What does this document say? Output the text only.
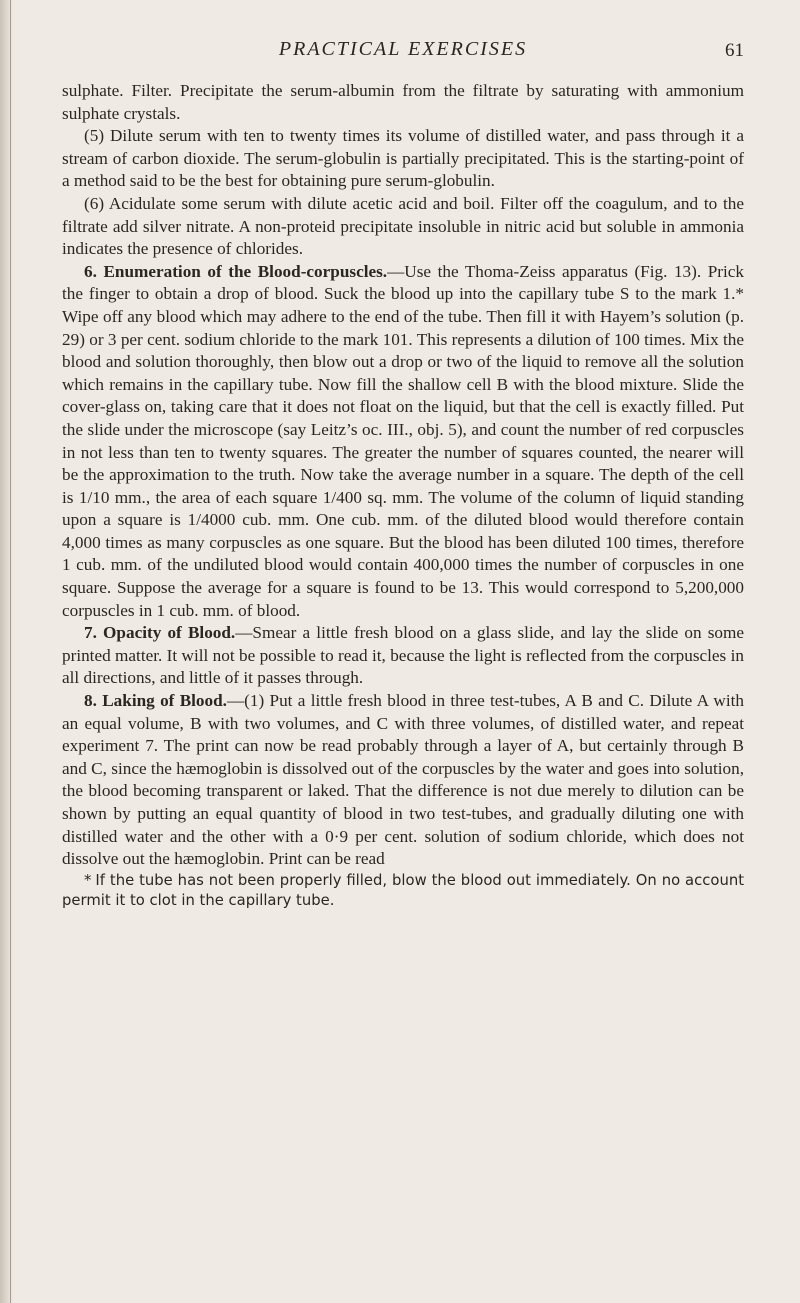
PRACTICAL EXERCISES	61

sulphate. Filter. Precipitate the serum-albumin from the filtrate by saturating with ammonium sulphate crystals.

(5) Dilute serum with ten to twenty times its volume of distilled water, and pass through it a stream of carbon dioxide. The serum-globulin is partially precipitated. This is the starting-point of a method said to be the best for obtaining pure serum-globulin.

(6) Acidulate some serum with dilute acetic acid and boil. Filter off the coagulum, and to the filtrate add silver nitrate. A non-proteid precipitate insoluble in nitric acid but soluble in ammonia indicates the presence of chlorides.

6. Enumeration of the Blood-corpuscles.—Use the Thoma-Zeiss apparatus (Fig. 13). Prick the finger to obtain a drop of blood. Suck the blood up into the capillary tube S to the mark 1.* Wipe off any blood which may adhere to the end of the tube. Then fill it with Hayem’s solution (p. 29) or 3 per cent. sodium chloride to the mark 101. This represents a dilution of 100 times. Mix the blood and solution thoroughly, then blow out a drop or two of the liquid to remove all the solution which remains in the capillary tube. Now fill the shallow cell B with the blood mixture. Slide the cover-glass on, taking care that it does not float on the liquid, but that the cell is exactly filled. Put the slide under the microscope (say Leitz’s oc. III., obj. 5), and count the number of red corpuscles in not less than ten to twenty squares. The greater the number of squares counted, the nearer will be the approximation to the truth. Now take the average number in a square. The depth of the cell is 1/10 mm., the area of each square 1/400 sq. mm. The volume of the column of liquid standing upon a square is 1/4000 cub. mm. One cub. mm. of the diluted blood would therefore contain 4,000 times as many corpuscles as one square. But the blood has been diluted 100 times, therefore 1 cub. mm. of the undiluted blood would contain 400,000 times the number of corpuscles in one square. Suppose the average for a square is found to be 13. This would correspond to 5,200,000 corpuscles in 1 cub. mm. of blood.

7. Opacity of Blood.—Smear a little fresh blood on a glass slide, and lay the slide on some printed matter. It will not be possible to read it, because the light is reflected from the corpuscles in all directions, and little of it passes through.

8. Laking of Blood.—(1) Put a little fresh blood in three test-tubes, A B and C. Dilute A with an equal volume, B with two volumes, and C with three volumes, of distilled water, and repeat experiment 7. The print can now be read probably through a layer of A, but certainly through B and C, since the hæmoglobin is dissolved out of the corpuscles by the water and goes into solution, the blood becoming transparent or laked. That the difference is not due merely to dilution can be shown by putting an equal quantity of blood in two test-tubes, and gradually diluting one with distilled water and the other with a 0·9 per cent. solution of sodium chloride, which does not dissolve out the hæmoglobin. Print can be read

* If the tube has not been properly filled, blow the blood out immediately. On no account permit it to clot in the capillary tube.
